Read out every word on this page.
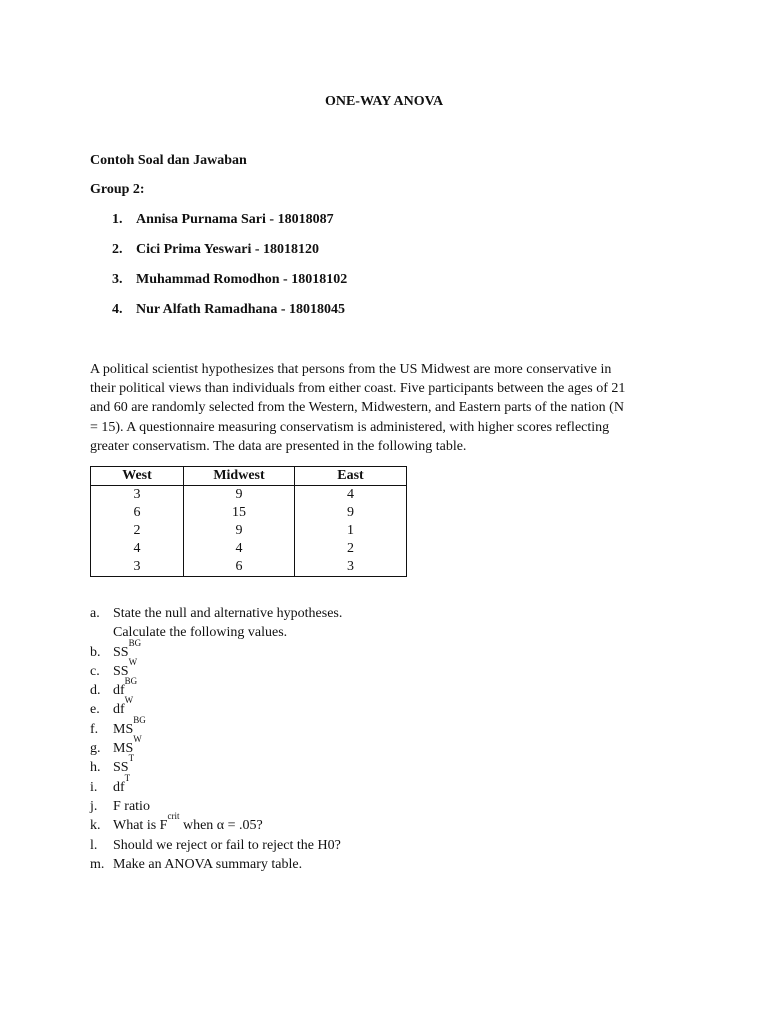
ONE-WAY ANOVA
Contoh Soal dan Jawaban
Group 2:
1. Annisa Purnama Sari - 18018087
2. Cici Prima Yeswari - 18018120
3. Muhammad Romodhon - 18018102
4. Nur Alfath Ramadhana - 18018045
A political scientist hypothesizes that persons from the US Midwest are more conservative in
their political views than individuals from either coast. Five participants between the ages of 21
and 60 are randomly selected from the Western, Midwestern, and Eastern parts of the nation (N
= 15). A questionnaire measuring conservatism is administered, with higher scores reflecting
greater conservatism. The data are presented in the following table.
West	Midwest	East
3	9	4
6	15	9
2	9	1
4	4	2
3	6	3
a. State the null and alternative hypotheses.
Calculate the following values.
b. SS
BG
c. SS
W
d. df
BG
e. df
W
f.	MS
BG
g. MS
W
h. SS
T
i.	df
T
j.	F ratio
k. What is F
crit
when α = .05?
l.	Should we reject or fail to reject the H0?
m. Make an ANOVA summary table.
